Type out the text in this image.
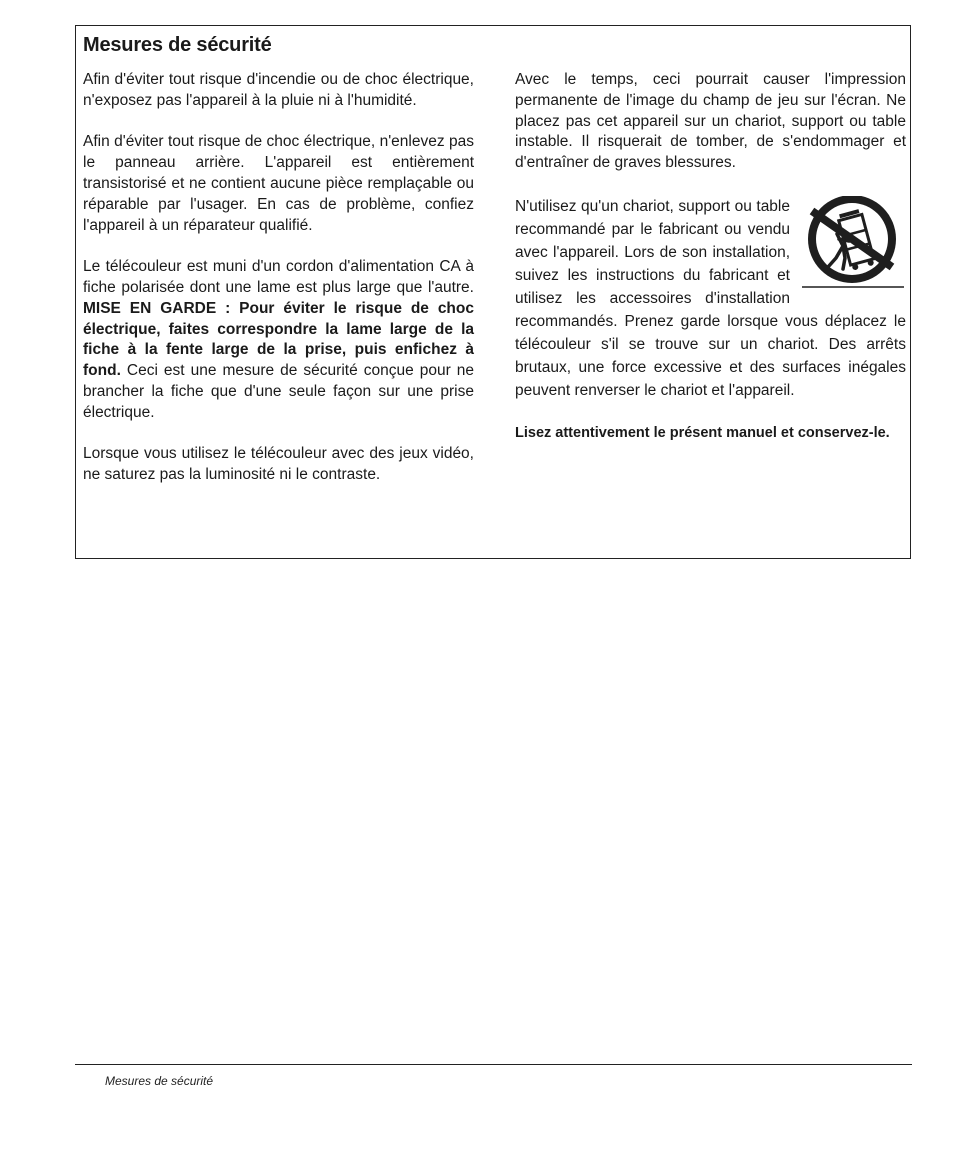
Mesures de sécurité

Afin d'éviter tout risque d'incendie ou de choc électrique, n'exposez pas l'appareil à la pluie ni à l'humidité.

Afin d'éviter tout risque de choc électrique, n'enlevez pas le panneau arrière. L'appareil est entièrement transistorisé et ne contient aucune pièce remplaçable ou réparable par l'usager. En cas de problème, confiez l'appareil à un réparateur qualifié.

Le télécouleur est muni d'un cordon d'alimentation CA à fiche polarisée dont une lame est plus large que l'autre. MISE EN GARDE : Pour éviter le risque de choc électrique, faites correspondre la lame large de la fiche à la fente large de la prise, puis enfichez à fond. Ceci est une mesure de sécurité conçue pour ne brancher la fiche que d'une seule façon sur une prise électrique.

Lorsque vous utilisez le télécouleur avec des jeux vidéo, ne saturez pas la luminosité ni le contraste.

Avec le temps, ceci pourrait causer l'impression permanente de l'image du champ de jeu sur l'écran. Ne placez pas cet appareil sur un chariot, support ou table instable. Il risquerait de tomber, de s'endommager et d'entraîner de graves blessures.

N'utilisez qu'un chariot, support ou table recommandé par le fabricant ou vendu avec l'appareil. Lors de son installation, suivez les instructions du fabricant et utilisez les accessoires d'installation recommandés. Prenez garde lorsque vous déplacez le télécouleur s'il se trouve sur un chariot. Des arrêts brutaux, une force excessive et des surfaces inégales peuvent renverser le chariot et l'appareil.

Lisez attentivement le présent manuel et conservez-le.

Mesures de sécurité
